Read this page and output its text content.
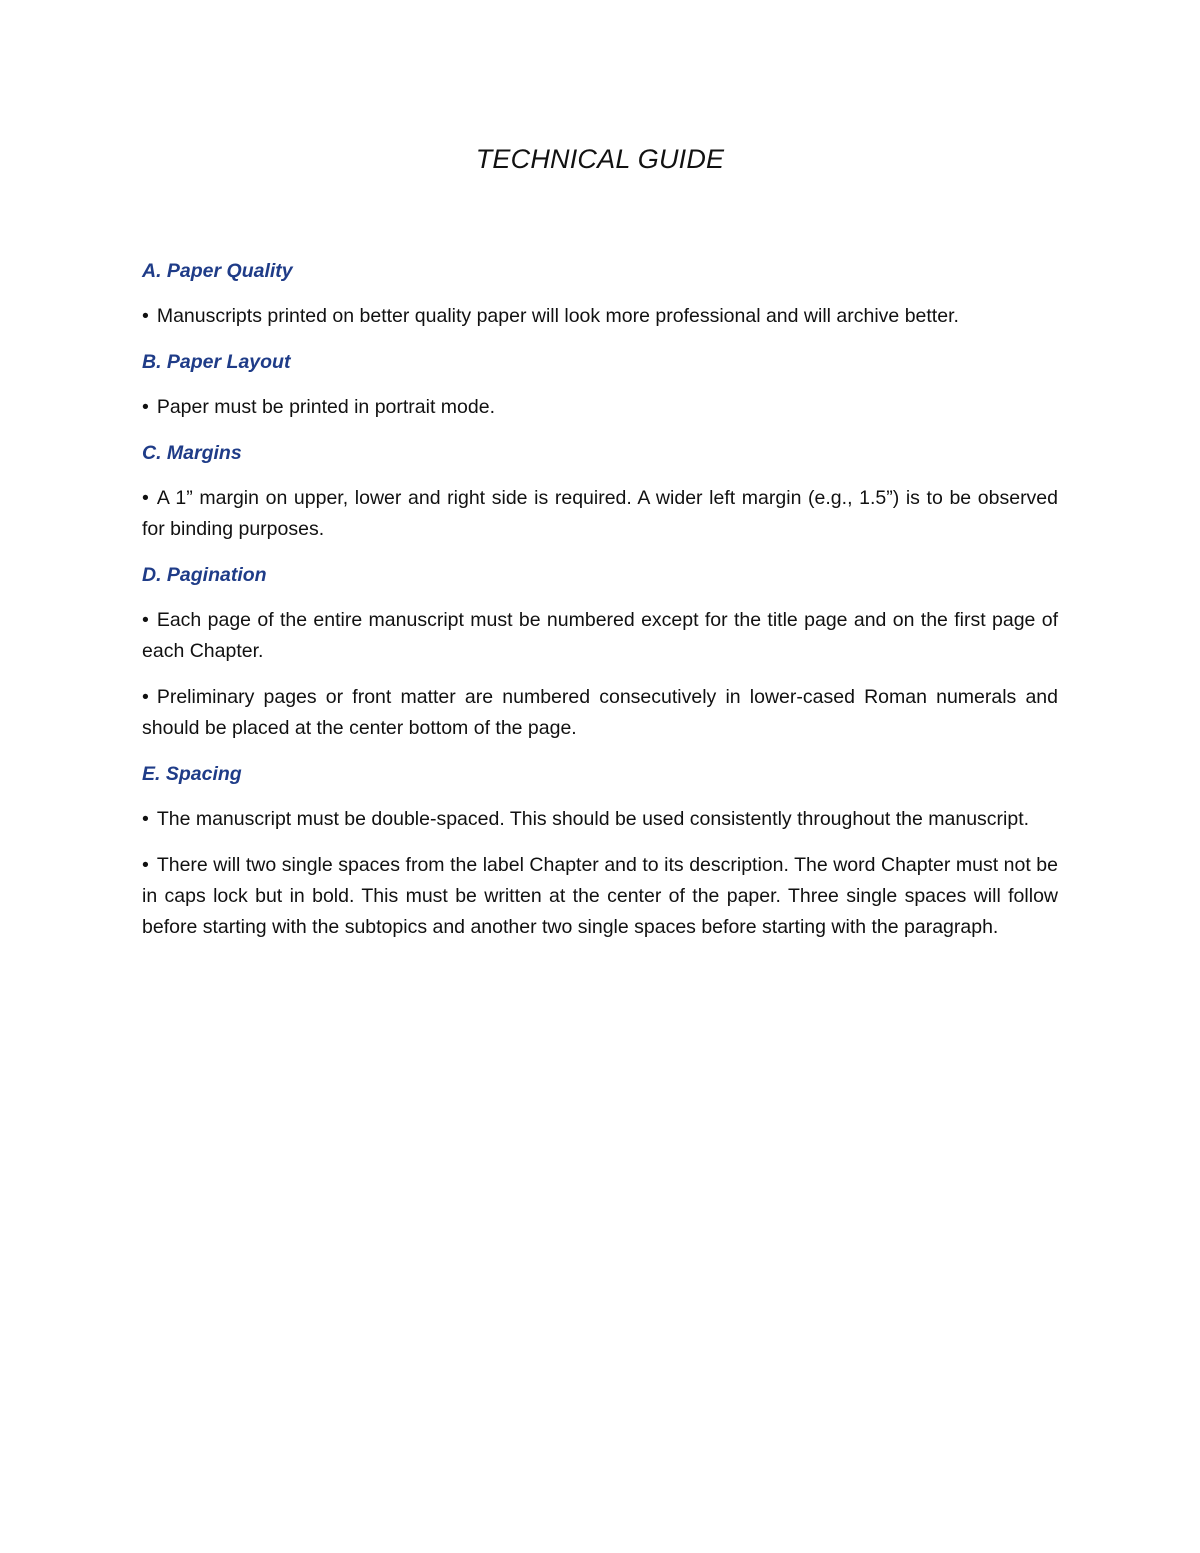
TECHNICAL GUIDE

A. Paper Quality

• Manuscripts printed on better quality paper will look more professional and will archive better.

B. Paper Layout

• Paper must be printed in portrait mode.

C. Margins

• A 1” margin on upper, lower and right side is required. A wider left margin (e.g., 1.5”) is to be observed for binding purposes.

D. Pagination

• Each page of the entire manuscript must be numbered except for the title page and on the first page of each Chapter.

• Preliminary pages or front matter are numbered consecutively in lower-cased Roman numerals and should be placed at the center bottom of the page.

E. Spacing

• The manuscript must be double-spaced. This should be used consistently throughout the manuscript.

• There will two single spaces from the label Chapter and to its description. The word Chapter must not be in caps lock but in bold. This must be written at the center of the paper. Three single spaces will follow before starting with the subtopics and another two single spaces before starting with the paragraph.
